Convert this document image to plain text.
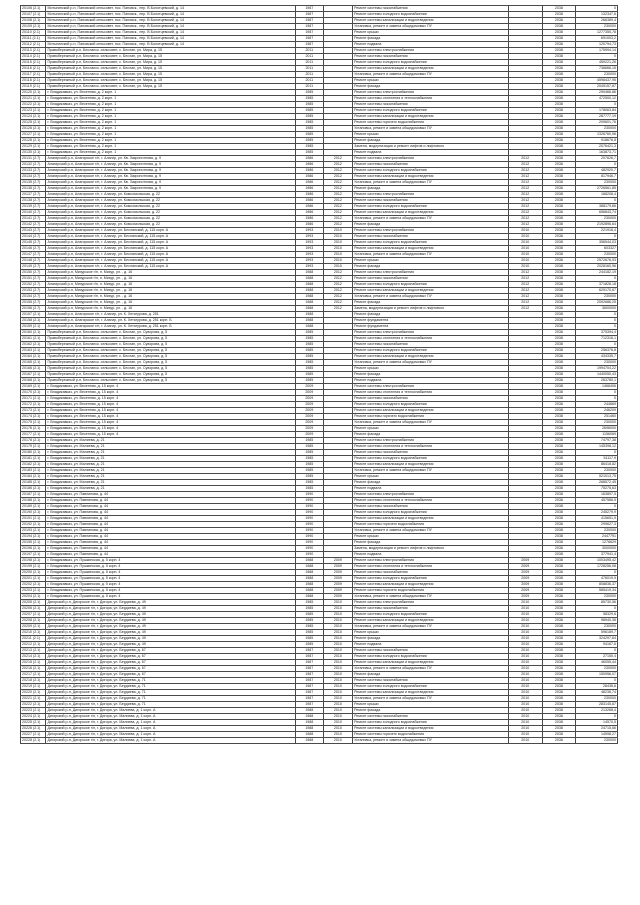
20106 (2.1)	Мотыгинский р-н, Пановский сельсовет, пос. Пановск., пер. В Болотцевский, д. 14	1987		Ремонт системы газоснабжения		2038	0
20107 (2.1)	Мотыгинский р-н, Пановский сельсовет, пос. Пановск., пер. В Болотцевский, д. 14	1987		Ремонт системы холодного водоснабжения		2038	132347,6
20108 (2.1)	Мотыгинский р-н, Пановский сельсовет, пос. Пановск., пер. В Болотцевский, д. 14	1987		Ремонт системы канализации и водоотведения		2038	266389,4
20109 (2.1)	Мотыгинский р-н, Пановский сельсовет, пос. Пановск., пер. В Болотцевский, д. 14	1987		Установка, ремонт и замена общедомовых ПУ		2038	230000
20110 (2.1)	Мотыгинский р-н, Пановский сельсовет, пос. Пановск., пер. В Болотцевский, д. 14	1987		Ремонт крыши		2038	1277355,78
20111 (2.1)	Мотыгинский р-н, Пановский сельсовет, пос. Пановск., пер. В Болотцевский, д. 14	1987		Ремонт фасада		2038	691003,2
20112 (2.1)	Мотыгинский р-н, Пановский сельсовет, пос. Пановск., пер. В Болотцевский, д. 14	1987		Ремонт подвала		2038	120794,73
20113 (2.1)	Правобережный р-н, Бесланск. сельсовет, с. Беслан, ул. Мира, д. 15	2011		Ремонт системы электроснабжения		2038	175994,14
20114 (2.1)	Правобережный р-н, Бесланск. сельсовет, с. Беслан, ул. Мира, д. 15	2011		Ремонт системы газоснабжения		2038	0
20115 (2.1)	Правобережный р-н, Бесланск. сельсовет, с. Беслан, ул. Мира, д. 15	2011		Ремонт системы холодного водоснабжения		2038	459221,26
20116 (2.1)	Правобережный р-н, Бесланск. сельсовет, с. Беслан, ул. Мира, д. 15	2011		Ремонт системы канализации и водоотведения		2038	736666,15
20117 (2.1)	Правобережный р-н, Бесланск. сельсовет, с. Беслан, ул. Мира, д. 15	2011		Установка, ремонт и замена общедомовых ПУ		2038	230000
20118 (2.1)	Правобережный р-н, Бесланск. сельсовет, с. Беслан, ул. Мира, д. 15	2011		Ремонт крыши		2038	4598437,95
20119 (2.1)	Правобережный р-н, Бесланск. сельсовет, с. Беслан, ул. Мира, д. 15	2011		Ремонт фасада		2038	2049157,87
20120 (2.1)	г. Владикавказ, ул. Весенняя, д. 2 корп. 1	1985		Ремонт системы электроснабжения		2038	290466,86
20121 (2.1)	г. Владикавказ, ул. Весенняя, д. 2 корп. 1	1985		Ремонт системы отопления и теплоснабжения		2038	472500,12
20122 (2.1)	г. Владикавказ, ул. Весенняя, д. 2 корп. 1	1985		Ремонт системы газоснабжения		2038	0
20123 (2.1)	г. Владикавказ, ул. Весенняя, д. 2 корп. 1	1985		Ремонт системы холодного водоснабжения		2038	178063,84
20124 (2.1)	г. Владикавказ, ул. Весенняя, д. 2 корп. 1	1985		Ремонт системы канализации и водоотведения		2038	287777,19
20125 (2.1)	г. Владикавказ, ул. Весенняя, д. 2 корп. 1	1985		Ремонт системы горячего водоснабжения		2038	209601,76
20126 (2.1)	г. Владикавказ, ул. Весенняя, д. 2 корп. 1	1985		Установка, ремонт и замена общедомовых ПУ		2038	230000
20127 (2.1)	г. Владикавказ, ул. Весенняя, д. 2 корп. 1	1985		Ремонт крыши		2038	1326760,96
20128 (2.1)	г. Владикавказ, ул. Весенняя, д. 2 корп. 1	1985		Ремонт фасада		2038	918676,8
20129 (2.1)	г. Владикавказ, ул. Весенняя, д. 2 корп. 1	1985		Замена, модернизация и ремонт лифтов и лифтового		2038	2076421,3
20130 (2.1)	г. Владикавказ, ул. Весенняя, д. 2 корп. 1	1985		Ремонт подвала		2038	163873,71
20131 (2.7)	Алагирский р-н, Алагирское г/п, г. Алагир, ул. Кв. Закропотнова, д. 9	1986	2012	Ремонт системы электроснабжения	2012	2038	207626,7
20132 (2.7)	Алагирский р-н, Алагирское г/п, г. Алагир, ул. Кв. Закропотнова, д. 9	1986	2012	Ремонт системы газоснабжения	2012	2038	0
20133 (2.7)	Алагирский р-н, Алагирское г/п, г. Алагир, ул. Кв. Закропотнова, д. 9	1986	2012	Ремонт системы холодного водоснабжения	2012	2038	482920,7
20134 (2.7)	Алагирский р-н, Алагирское г/п, г. Алагир, ул. Кв. Закропотнова, д. 9	1986	2012	Ремонт системы канализации и водоотведения	2012	2038	817946,7
20135 (2.7)	Алагирский р-н, Алагирское г/п, г. Алагир, ул. Кв. Закропотнова, д. 9	1986	2012	Установка, ремонт и замена общедомовых ПУ	2012	2038	230000
20136 (2.7)	Алагирский р-н, Алагирское г/п, г. Алагир, ул. Кв. Закропотнова, д. 9	1986	2012	Ремонт фасада	2012	2038	2726561,85
20137 (2.7)	Алагирский р-н, Алагирское г/п, г. Алагир, ул. Комсомольская, д. 22	1986	2012	Ремонт системы электроснабжения	2012	2038	168208,4
20138 (2.7)	Алагирский р-н, Алагирское г/п, г. Алагир, ул. Комсомольская, д. 22	1986	2012	Ремонт системы газоснабжения	2012	2038	0
20139 (2.7)	Алагирский р-н, Алагирское г/п, г. Алагир, ул. Комсомольская, д. 22	1986	2012	Ремонт системы холодного водоснабжения	2012	2038	388179,66
20140 (2.7)	Алагирский р-н, Алагирское г/п, г. Алагир, ул. Комсомольская, д. 22	1986	2012	Ремонт системы канализации и водоотведения	2012	2038	656843,74
20141 (2.7)	Алагирский р-н, Алагирское г/п, г. Алагир, ул. Комсомольская, д. 22	1986	2012	Установка, ремонт и замена общедомовых ПУ	2012	2038	230000
20142 (2.7)	Алагирский р-н, Алагирское г/п, г. Алагир, ул. Комсомольская, д. 22	1986	2012	Ремонт фасада	2012	2038	2192896,64
20143 (2.7)	Алагирский р-н, Алагирское г/п, г. Алагир, ул. Бесланский, д. 115 корп. А	1993	2010	Ремонт системы электроснабжения	2010	2038	221918,4
20144 (2.7)	Алагирский р-н, Алагирское г/п, г. Алагир, ул. Бесланский, д. 115 корп. А	1993	2010	Ремонт системы газоснабжения	2010	2038	0
20145 (2.7)	Алагирский р-н, Алагирское г/п, г. Алагир, ул. Бесланский, д. 115 корп. А	1993	2010	Ремонт системы холодного водоснабжения	2010	2038	356544,03
20146 (2.7)	Алагирский р-н, Алагирское г/п, г. Алагир, ул. Бесланский, д. 115 корп. А	1993	2010	Ремонт системы канализации и водоотведения	2010	2038	603327
20147 (2.7)	Алагирский р-н, Алагирское г/п, г. Алагир, ул. Бесланский, д. 115 корп. А	1993	2010	Установка, ремонт и замена общедомовых ПУ	2010	2038	230000
20148 (2.7)	Алагирский р-н, Алагирское г/п, г. Алагир, ул. Бесланский, д. 115 корп. А	1993	2010	Ремонт крыши	2010	2038	2572676,93
20149 (2.7)	Алагирский р-н, Алагирское г/п, г. Алагир, ул. Бесланский, д. 115 корп. А	1993	2010	Ремонт фасада	2010	2038	2028160,96
20150 (2.7)	Алагирский р-н, Мизурское г/п, п. Мизур, ул. , д. 16	1988	2012	Ремонт системы электроснабжения	2012	2038	244182,19
20151 (2.7)	Алагирский р-н, Мизурское г/п, п. Мизур, ул. , д. 16	1988	2012	Ремонт системы газоснабжения	2012	2038	0
20152 (2.7)	Алагирский р-н, Мизурское г/п, п. Мизур, ул. , д. 16	1988	2012	Ремонт системы холодного водоснабжения	2012	2038	371828,18
20153 (2.7)	Алагирский р-н, Мизурское г/п, п. Мизур, ул. , д. 16	1988	2012	Ремонт системы канализации и водоотведения	2012	2038	629170,67
20154 (2.7)	Алагирский р-н, Мизурское г/п, п. Мизур, ул. , д. 16	1988	2012	Установка, ремонт и замена общедомовых ПУ	2012	2038	230000
20155 (2.7)	Алагирский р-н, Мизурское г/п, п. Мизур, ул. , д. 16	1988	2012	Ремонт фасада	2012	2038	2092686,25
20156 (2.7)	Алагирский р-н, Мизурское г/п, п. Мизур, ул. , д. 16	1988	2012	Замена, модернизация и ремонт лифтов и лифтового	2012	2038	3600000
20157 (2.1)	Алагирский р-н, Алагирское г/п, г. Алагир, ул. К. Хетагурова, д. 251	1988		Ремонт фасада		2038	0
20158 (2.1)	Алагирский р-н, Алагирское г/п, г. Алагир, ул. К. Хетагурова, д. 251 корп. Б	1988		Ремонт фундамента		2038	0
20159 (2.1)	Алагирский р-н, Алагирское г/п, г. Алагир, ул. К. Хетагурова, д. 251 корп. Б	1988		Ремонт фундамента		2038	0
20160 (2.1)	Правобережный р-н, Бесланск. сельсовет, с. Беслан, ул. Суворова, д. 5	1985		Ремонт системы электроснабжения		2038	375394,4
20161 (2.1)	Правобережный р-н, Бесланск. сельсовет, с. Беслан, ул. Суворова, д. 5	1985		Ремонт системы отопления и теплоснабжения		2038	712316,1
20162 (2.1)	Правобережный р-н, Бесланск. сельсовет, с. Беслан, ул. Суворова, д. 5	1985		Ремонт системы газоснабжения		2038	0
20163 (2.1)	Правобережный р-н, Бесланск. сельсовет, с. Беслан, ул. Суворова, д. 5	1985		Ремонт системы холодного водоснабжения		2038	256376,8
20164 (2.1)	Правобережный р-н, Бесланск. сельсовет, с. Беслан, ул. Суворова, д. 5	1985		Ремонт системы канализации и водоотведения		2038	434335,7
20165 (2.1)	Правобережный р-н, Бесланск. сельсовет, с. Беслан, ул. Суворова, д. 5	1985		Установка, ремонт и замена общедомовых ПУ		2038	230000
20166 (2.1)	Правобережный р-н, Бесланск. сельсовет, с. Беслан, ул. Суворова, д. 5	1985		Ремонт крыши		2038	1994704,22
20167 (2.1)	Правобережный р-н, Бесланск. сельсовет, с. Беслан, ул. Суворова, д. 5	1985		Ремонт фасада		2038	1440050,43
20168 (2.1)	Правобережный р-н, Бесланск. сельсовет, с. Беслан, ул. Суворова, д. 5	1985		Ремонт подвала		2038	263780,1
20169 (2.1)	г. Владикавказ, ул. Весенняя, д. 15 корп. 4	2009		Ремонт системы электроснабжения		2038	1468406
20170 (2.1)	г. Владикавказ, ул. Весенняя, д. 15 корп. 4	2009		Ремонт системы отопления и теплоснабжения		2038	0
20171 (2.1)	г. Владикавказ, ул. Весенняя, д. 15 корп. 4	2009		Ремонт системы газоснабжения		2038	0
20172 (2.1)	г. Владикавказ, ул. Весенняя, д. 15 корп. 4	2009		Ремонт системы холодного водоснабжения		2038	244669
20173 (2.1)	г. Владикавказ, ул. Весенняя, д. 15 корп. 4	2009		Ремонт системы канализации и водоотведения		2038	246209
20174 (2.1)	г. Владикавказ, ул. Весенняя, д. 15 корп. 4	2009		Ремонт системы горячего водоснабжения		2038	251460
20175 (2.1)	г. Владикавказ, ул. Весенняя, д. 15 корп. 4	2009		Установка, ремонт и замена общедомовых ПУ		2038	230000
20176 (2.1)	г. Владикавказ, ул. Весенняя, д. 15 корп. 4	2009		Ремонт крыши		2038	2698000
20177 (2.1)	г. Владикавказ, ул. Весенняя, д. 15 корп. 4	2009		Ремонт фасада		2038	1156069
20178 (2.1)	г. Владикавказ, ул. Малиева, д. 21	1985		Ремонт системы электроснабжения		2038	74797,38
20179 (2.1)	г. Владикавказ, ул. Малиева, д. 21	1985		Ремонт системы отопления и теплоснабжения		2038	145398,12
20180 (2.1)	г. Владикавказ, ул. Малиева, д. 21	1985		Ремонт системы газоснабжения		2038	0
20181 (2.1)	г. Владикавказ, ул. Малиева, д. 21	1985		Ремонт системы холодного водоснабжения		2038	51117,9
20182 (2.1)	г. Владикавказ, ул. Малиева, д. 21	1985		Ремонт системы канализации и водоотведения		2038	86418,82
20183 (2.1)	г. Владикавказ, ул. Малиева, д. 21	1985		Установка, ремонт и замена общедомовых ПУ		2038	230000
20184 (2.1)	г. Владикавказ, ул. Малиева, д. 21	1985		Ремонт крыши		2038	521013,75
20185 (2.1)	г. Владикавказ, ул. Малиева, д. 21	1985		Ремонт фасада		2038	268572,45
20186 (2.1)	г. Владикавказ, ул. Малиева, д. 21	1985		Ремонт подвала		2038	75275,63
20187 (2.1)	г. Владикавказ, ул. Павлинова, д. 44	1990		Ремонт системы электроснабжения		2038	163897,5
20188 (2.1)	г. Владикавказ, ул. Павлинова, д. 44	1990		Ремонт системы отопления и теплоснабжения		2038	457586,5
20189 (2.1)	г. Владикавказ, ул. Павлинова, д. 44	1990		Ремонт системы газоснабжения		2038	0
20190 (2.1)	г. Владикавказ, ул. Павлинова, д. 44	1990		Ремонт системы холодного водоснабжения		2038	245279,9
20191 (2.1)	г. Владикавказ, ул. Павлинова, д. 44	1990		Ремонт системы канализации и водоотведения		2038	415651,9
20192 (2.1)	г. Владикавказ, ул. Павлинова, д. 44	1990		Ремонт системы горячего водоснабжения		2038	299627,3
20193 (2.1)	г. Владикавказ, ул. Павлинова, д. 44	1990		Установка, ремонт и замена общедомовых ПУ		2038	230000
20194 (2.1)	г. Владикавказ, ул. Павлинова, д. 44	1990		Ремонт крыши		2038	2447791
20195 (2.1)	г. Владикавказ, ул. Павлинова, д. 44	1990		Ремонт фасада		2038	1276629
20196 (2.1)	г. Владикавказ, ул. Павлинова, д. 44	1990		Замена, модернизация и ремонт лифтов и лифтового		2038	3000000
20197 (2.1)	г. Владикавказ, ул. Павлинова, д. 44	1990		Ремонт подвала		2038	377941,4
20198 (2.1)	г. Владикавказ, ул. Пушкинская, д. 5 корп. 4	1988	2009	Ремонт системы электроснабжения	2009	2038	1003495,42
20199 (2.1)	г. Владикавказ, ул. Пушкинская, д. 5 корп. 4	1988	2009	Ремонт системы отопления и теплоснабжения	2009	2038	1728256,08
20200 (2.1)	г. Владикавказ, ул. Пушкинская, д. 5 корп. 4	1988	2009	Ремонт системы газоснабжения	2009	2038	0
20201 (2.1)	г. Владикавказ, ул. Пушкинская, д. 5 корп. 4	1988	2009	Ремонт системы холодного водоснабжения	2009	2038	476019,9
20202 (2.1)	г. Владикавказ, ул. Пушкинская, д. 5 корп. 4	1988	2009	Ремонт системы канализации и водоотведения	2009	2038	808836,37
20203 (2.1)	г. Владикавказ, ул. Пушкинская, д. 5 корп. 4	1988	2009	Ремонт системы горячего водоснабжения	2009	2038	585419,34
20204 (2.1)	г. Владикавказ, ул. Пушкинская, д. 5 корп. 4	1988	2009	Установка, ремонт и замена общедомовых ПУ	2009	2038	230000
20205 (2.1)	Дигорский р-н, Дигорское г/п, г. Дигора, ул. Бердиева, д. 49	1985	2010	Ремонт системы электроснабжения	2010	2038	85730,56
20206 (2.1)	Дигорский р-н, Дигорское г/п, г. Дигора, ул. Бердиева, д. 49	1985	2010	Ремонт системы газоснабжения	2010	2038	0
20207 (2.1)	Дигорский р-н, Дигорское г/п, г. Дигора, ул. Бердиева, д. 49	1985	2010	Ремонт системы холодного водоснабжения	2010	2038	58329,6
20208 (2.1)	Дигорский р-н, Дигорское г/п, г. Дигора, ул. Бердиева, д. 49	1985	2010	Ремонт системы канализации и водоотведения	2010	2038	98940,38
20209 (2.1)	Дигорский р-н, Дигорское г/п, г. Дигора, ул. Бердиева, д. 49	1985	2010	Установка, ремонт и замена общедомовых ПУ	2010	2038	230000
20210 (2.1)	Дигорский р-н, Дигорское г/п, г. Дигора, ул. Бердиева, д. 49	1985	2010	Ремонт крыши	2010	2038	596189,7
20211 (2.1)	Дигорский р-н, Дигорское г/п, г. Дигора, ул. Бердиева, д. 49	1985	2010	Ремонт фасада	2010	2038	324297,64
20212 (2.1)	Дигорский р-н, Дигорское г/п, г. Дигора, ул. Бердиева, д. 49	1985	2010	Ремонт подвала	2010	2038	94167,6
20213 (2.1)	Дигорский р-н, Дигорское г/п, г. Дигора, ул. Бердиева, д. 67	1987	2010	Ремонт системы газоснабжения	2010	2038	0
20214 (2.1)	Дигорский р-н, Дигорское г/п, г. Дигора, ул. Бердиева, д. 67	1987	2010	Ремонт системы холодного водоснабжения	2010	2038	27150,4
20215 (2.1)	Дигорский р-н, Дигорское г/п, г. Дигора, ул. Бердиева, д. 67	1987	2010	Ремонт системы канализации и водоотведения	2010	2038	46055,44
20216 (2.1)	Дигорский р-н, Дигорское г/п, г. Дигора, ул. Бердиева, д. 67	1987	2010	Установка, ремонт и замена общедомовых ПУ	2010	2038	230000
20217 (2.1)	Дигорский р-н, Дигорское г/п, г. Дигора, ул. Бердиева, д. 67	1987	2010	Ремонт фасада	2010	2038	150956,07
20218 (2.1)	Дигорский р-н, Дигорское г/п, г. Дигора, ул. Бердиева, д. 71	1987	2010	Ремонт системы газоснабжения	2010	2038	0
20219 (2.1)	Дигорский р-н, Дигорское г/п, г. Дигора, ул. Бердиева, д. 71	1987	2010	Ремонт системы холодного водоснабжения	2010	2038	28436,6
20220 (2.1)	Дигорский р-н, Дигорское г/п, г. Дигора, ул. Бердиева, д. 71	1987	2010	Ремонт системы канализации и водоотведения	2010	2038	48236,74
20221 (2.1)	Дигорский р-н, Дигорское г/п, г. Дигора, ул. Бердиева, д. 71	1987	2010	Установка, ремонт и замена общедомовых ПУ	2010	2038	230000
20222 (2.1)	Дигорский р-н, Дигорское г/п, г. Дигора, ул. Бердиева, д. 71	1987	2010	Ремонт крыши	2010	2038	283145,87
20223 (2.1)	Дигорский р-н, Дигорское г/п, г. Дигора, ул. Малиева, д. 1 корп. А	1988	2010	Ремонт фасада	2010	2038	213268,4
20224 (2.1)	Дигорский р-н, Дигорское г/п, г. Дигора, ул. Малиева, д. 1 корп. А	1988	2010	Ремонт системы газоснабжения	2010	2038	0
20225 (2.1)	Дигорский р-н, Дигорское г/п, г. Дигора, ул. Малиева, д. 1 корп. А	1988	2010	Ремонт системы холодного водоснабжения	2010	2038	14570,5
20226 (2.1)	Дигорский р-н, Дигорское г/п, г. Дигора, ул. Малиева, д. 1 корп. А	1988	2010	Ремонт системы канализации и водоотведения	2010	2038	24715,66
20227 (2.1)	Дигорский р-н, Дигорское г/п, г. Дигора, ул. Малиева, д. 1 корп. А	1988	2010	Ремонт системы горячего водоснабжения	2010	2038	14598,27
20228 (2.1)	Дигорский р-н, Дигорское г/п, г. Дигора, ул. Малиева, д. 1 корп. А	1988	2010	Установка, ремонт и замена общедомовых ПУ	2010	2038	230000
